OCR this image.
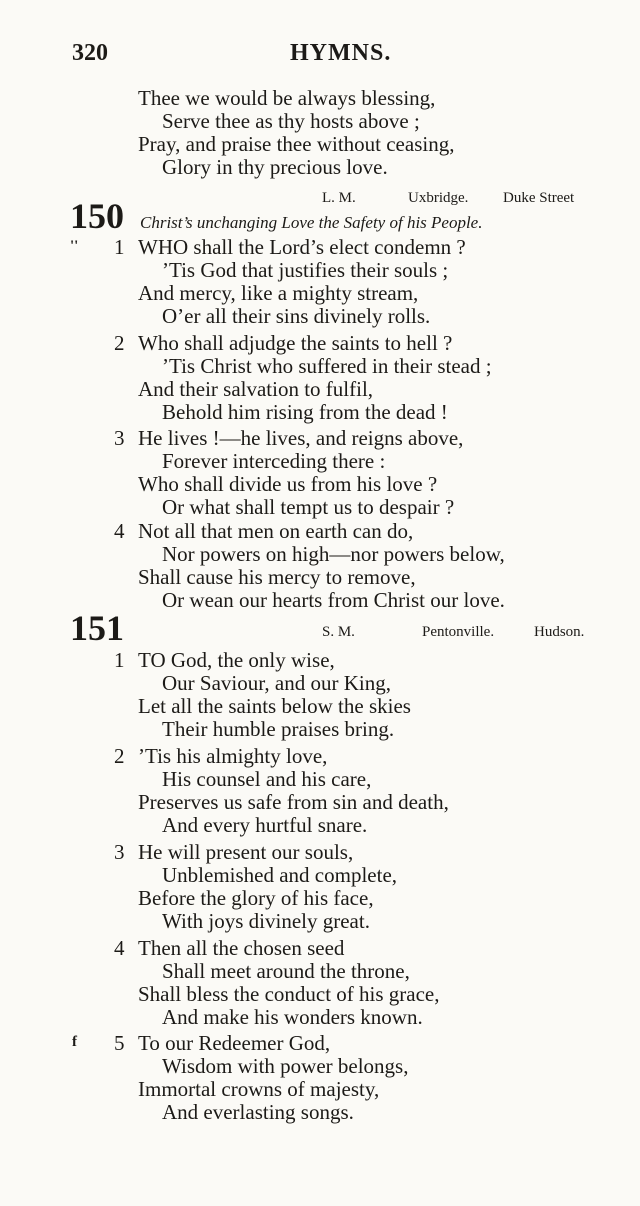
320	HYMNS.
Thee we would be always blessing,
Serve thee as thy hosts above ;
Pray, and praise thee without ceasing,
Glory in thy precious love.
150	L. M.	Uxbridge. Duke Street
Christ’s unchanging Love the Safety of his People.
'' 1 WHO shall the Lord’s elect condemn ?
’Tis God that justifies their souls ;
And mercy, like a mighty stream,
O’er all their sins divinely rolls.
2 Who shall adjudge the saints to hell ?
’Tis Christ who suffered in their stead ;
And their salvation to fulfil,
Behold him rising from the dead !
3 He lives !—he lives, and reigns above,
Forever interceding there :
Who shall divide us from his love ?
Or what shall tempt us to despair ?
4 Not all that men on earth can do,
Nor powers on high—nor powers below,
Shall cause his mercy to remove,
Or wean our hearts from Christ our love.
151	S. M.	Pentonville.	Hudson.
1 TO God, the only wise,
Our Saviour, and our King,
Let all the saints below the skies
Their humble praises bring.
2 ’Tis his almighty love,
His counsel and his care,
Preserves us safe from sin and death,
And every hurtful snare.
3 He will present our souls,
Unblemished and complete,
Before the glory of his face,
With joys divinely great.
4 Then all the chosen seed
Shall meet around the throne,
Shall bless the conduct of his grace,
And make his wonders known.
f 5 To our Redeemer God,
Wisdom with power belongs,
Immortal crowns of majesty,
And everlasting songs.
